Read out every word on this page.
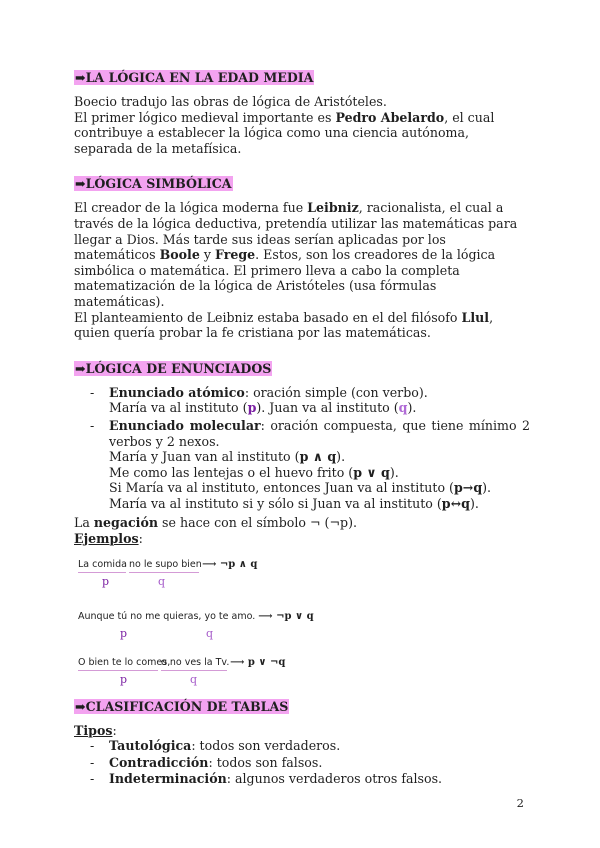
➡LA LÓGICA EN LA EDAD MEDIA

Boecio tradujo las obras de lógica de Aristóteles.

El primer lógico medieval importante es Pedro Abelardo, el cual contribuye a establecer la lógica como una ciencia autónoma, separada de la metafísica.

➡LÓGICA SIMBÓLICA

El creador de la lógica moderna fue Leibniz, racionalista, el cual a través de la lógica deductiva, pretendía utilizar las matemáticas para llegar a Dios. Más tarde sus ideas serían aplicadas por los matemáticos Boole y Frege. Estos, son los creadores de la lógica simbólica o matemática. El primero lleva a cabo la completa matematización de la lógica de Aristóteles (usa fórmulas matemáticas).

El planteamiento de Leibniz estaba basado en el del filósofo Llul, quien quería probar la fe cristiana por las matemáticas.

➡LÓGICA DE ENUNCIADOS
- Enunciado atómico: oración simple (con verbo).
María va al instituto (p). Juan va al instituto (q).
- Enunciado molecular: oración compuesta, que tiene mínimo 2 verbos y 2 nexos.
María y Juan van al instituto (p ∧ q).
Me como las lentejas o el huevo frito (p ∨ q).
Si María va al instituto, entonces Juan va al instituto (p→q).
María va al instituto si y sólo si Juan va al instituto (p↔q).

La negación se hace con el símbolo ¬ (¬p).

Ejemplos:

La comida no le supo bien ⟶ ¬p ∧ q
p	q
Aunque tú no me quieras, yo te amo. ⟶ ¬p ∨ q
p	q
O bien te lo comes, o no ves la Tv. ⟶ p ∨ ¬q
p	q
➡CLASIFICACIÓN DE TABLAS

Tipos:

- Tautológica: todos son verdaderos.
- Contradicción: todos son falsos.
- Indeterminación: algunos verdaderos otros falsos.
2
